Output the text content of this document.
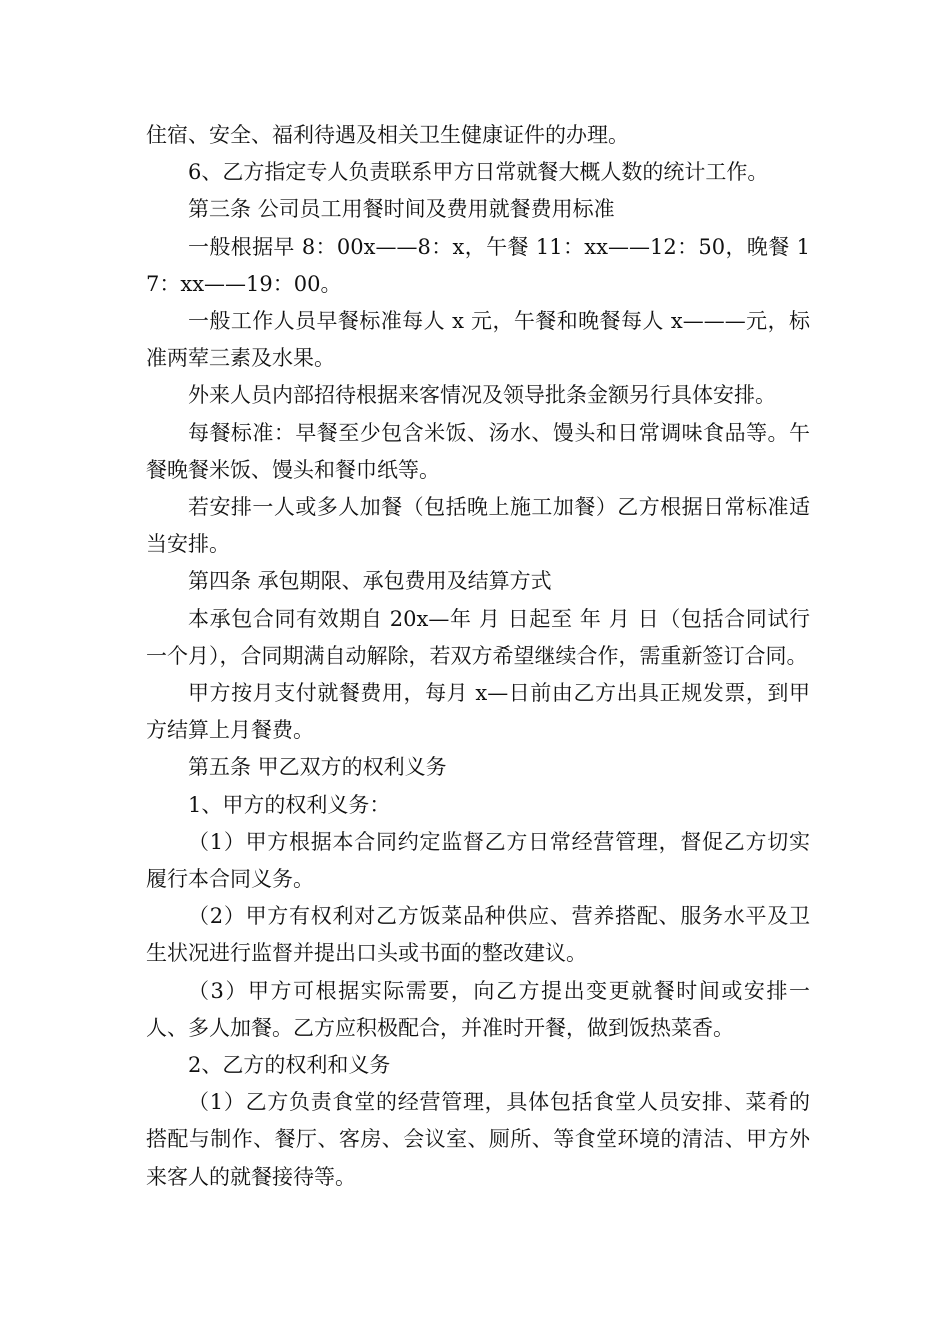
住宿、安全、福利待遇及相关卫生健康证件的办理。

6、乙方指定专人负责联系甲方日常就餐大概人数的统计工作。

第三条 公司员工用餐时间及费用就餐费用标准

一般根据早 8：00x——8：x，午餐 11：xx——12：50，晚餐 17：xx——19：00。

一般工作人员早餐标准每人 x 元，午餐和晚餐每人 x———元，标准两荤三素及水果。

外来人员内部招待根据来客情况及领导批条金额另行具体安排。

每餐标准：早餐至少包含米饭、汤水、馒头和日常调味食品等。午餐晚餐米饭、馒头和餐巾纸等。

若安排一人或多人加餐（包括晚上施工加餐）乙方根据日常标准适当安排。

第四条 承包期限、承包费用及结算方式

本承包合同有效期自 20x—年 月 日起至 年 月 日（包括合同试行一个月），合同期满自动解除，若双方希望继续合作，需重新签订合同。

甲方按月支付就餐费用，每月 x—日前由乙方出具正规发票，到甲方结算上月餐费。

第五条 甲乙双方的权利义务

1、甲方的权利义务：

（1）甲方根据本合同约定监督乙方日常经营管理，督促乙方切实履行本合同义务。

（2）甲方有权利对乙方饭菜品种供应、营养搭配、服务水平及卫生状况进行监督并提出口头或书面的整改建议。

（3）甲方可根据实际需要，向乙方提出变更就餐时间或安排一人、多人加餐。乙方应积极配合，并准时开餐，做到饭热菜香。

2、乙方的权利和义务

（1）乙方负责食堂的经营管理，具体包括食堂人员安排、菜肴的搭配与制作、餐厅、客房、会议室、厕所、等食堂环境的清洁、甲方外来客人的就餐接待等。
